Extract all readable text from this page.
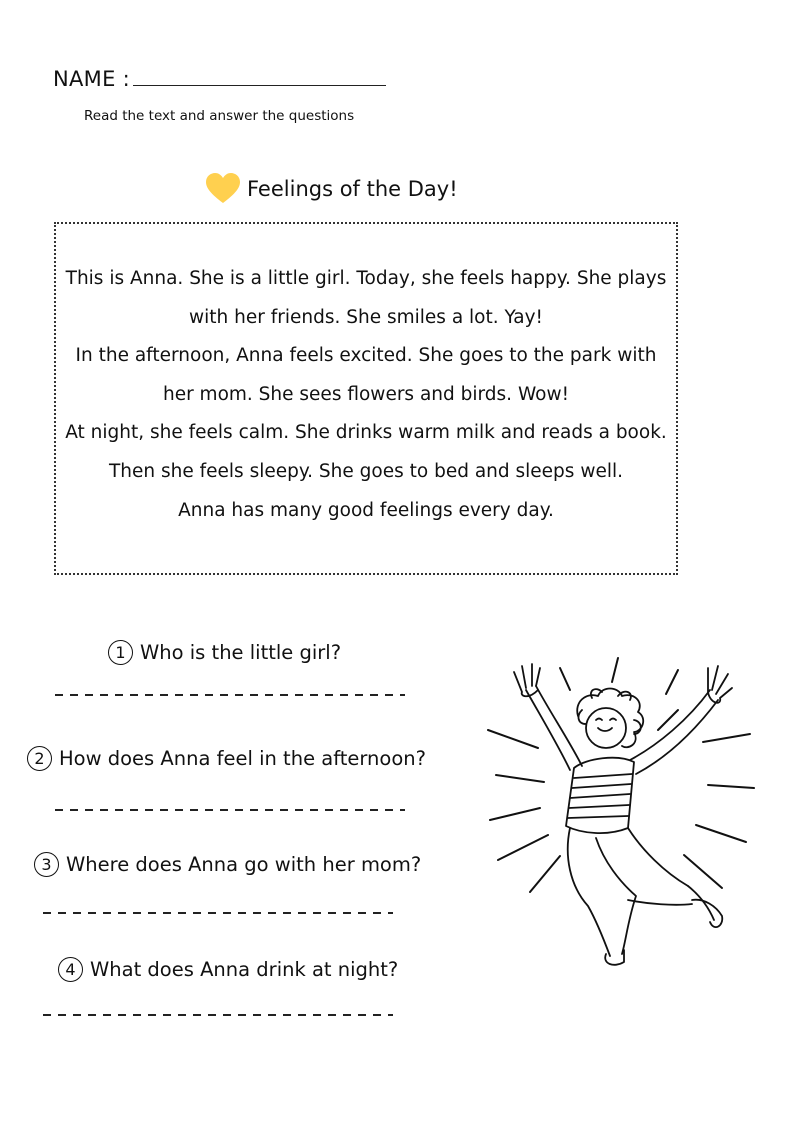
NAME :
Read the text and answer the questions
Feelings of the Day!

This is Anna. She is a little girl. Today, she feels happy. She plays

with her friends. She smiles a lot. Yay!

In the afternoon, Anna feels excited. She goes to the park with

her mom. She sees flowers and birds. Wow!

At night, she feels calm. She drinks warm milk and reads a book.

Then she feels sleepy. She goes to bed and sleeps well.

Anna has many good feelings every day.

1 Who is the little girl?
2 How does Anna feel in the afternoon?
3 Where does Anna go with her mom?
4 What does Anna drink at night?
